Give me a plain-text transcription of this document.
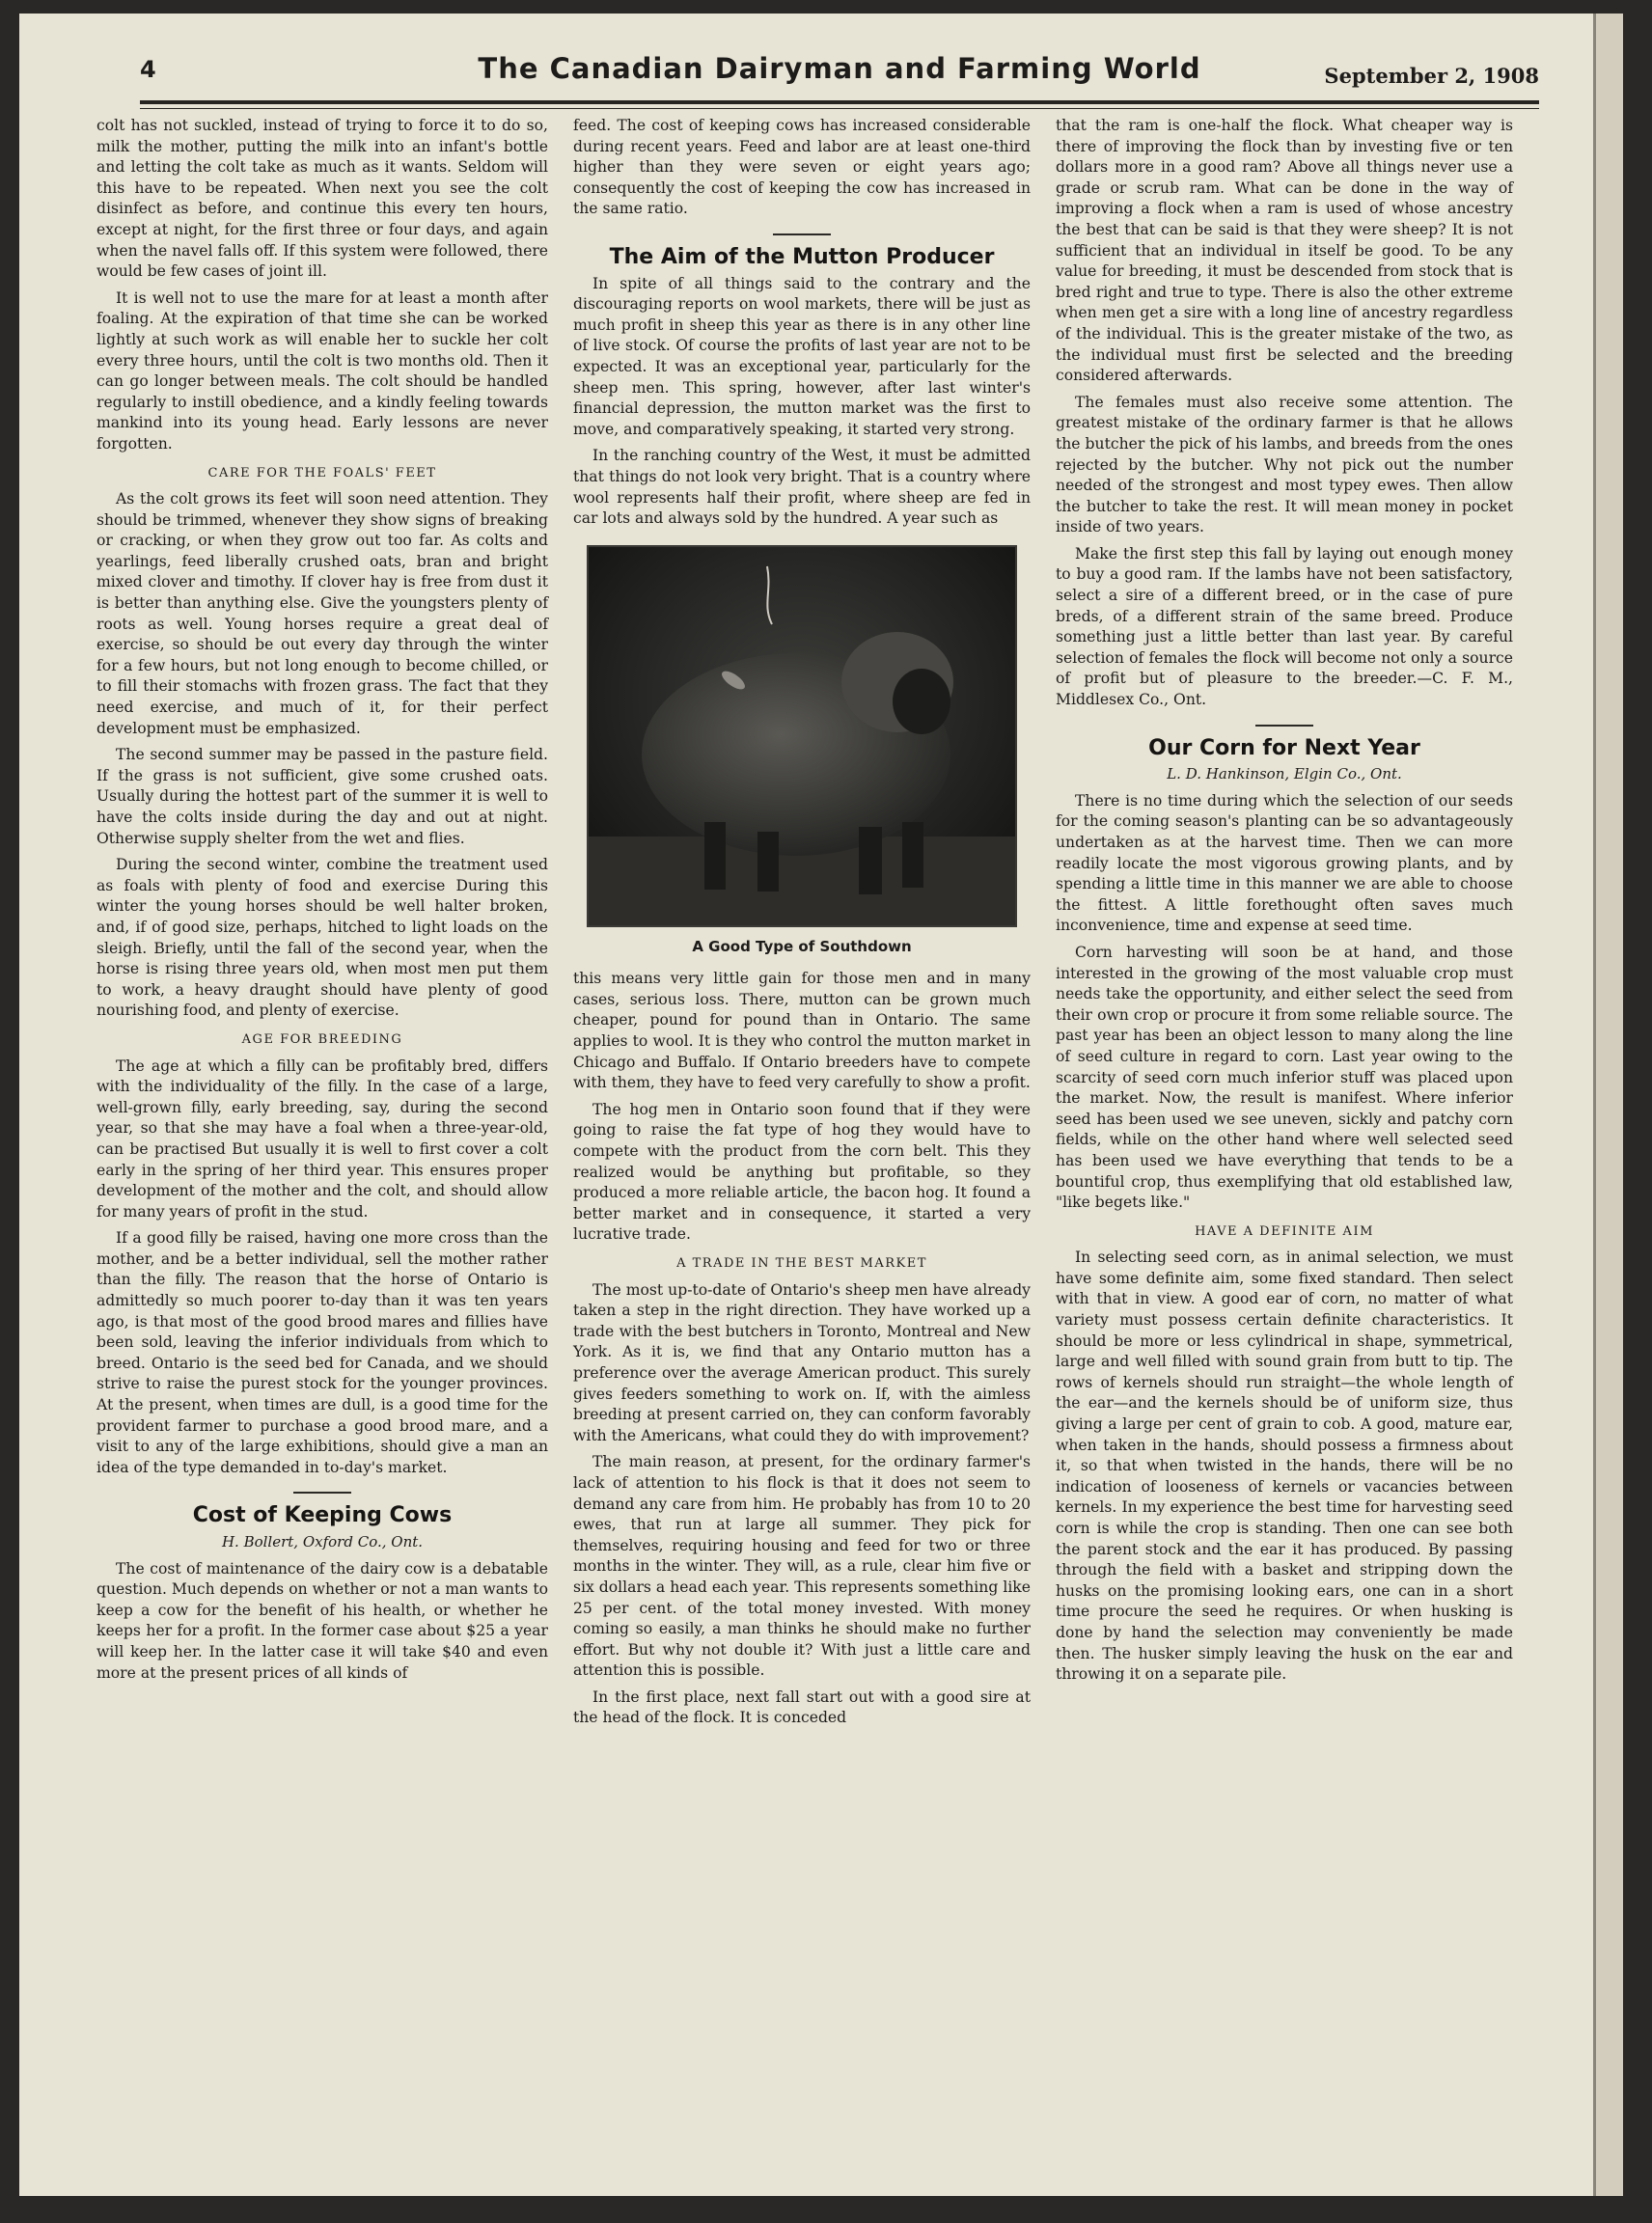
4	The Canadian Dairyman and Farming World	September 2, 1908

colt has not suckled, instead of trying to force it to do so, milk the mother, putting the milk into an infant's bottle and letting the colt take as much as it wants. Seldom will this have to be repeated. When next you see the colt disinfect as before, and continue this every ten hours, except at night, for the first three or four days, and again when the navel falls off. If this system were followed, there would be few cases of joint ill.

It is well not to use the mare for at least a month after foaling. At the expiration of that time she can be worked lightly at such work as will enable her to suckle her colt every three hours, until the colt is two months old. Then it can go longer between meals. The colt should be handled regularly to instill obedience, and a kindly feeling towards mankind into its young head. Early lessons are never forgotten.

CARE FOR THE FOALS' FEET

As the colt grows its feet will soon need attention. They should be trimmed, whenever they show signs of breaking or cracking, or when they grow out too far. As colts and yearlings, feed liberally crushed oats, bran and bright mixed clover and timothy. If clover hay is free from dust it is better than anything else. Give the youngsters plenty of roots as well. Young horses require a great deal of exercise, so should be out every day through the winter for a few hours, but not long enough to become chilled, or to fill their stomachs with frozen grass. The fact that they need exercise, and much of it, for their perfect development must be emphasized.

The second summer may be passed in the pasture field. If the grass is not sufficient, give some crushed oats. Usually during the hottest part of the summer it is well to have the colts inside during the day and out at night. Otherwise supply shelter from the wet and flies.

During the second winter, combine the treatment used as foals with plenty of food and exercise During this winter the young horses should be well halter broken, and, if of good size, perhaps, hitched to light loads on the sleigh. Briefly, until the fall of the second year, when the horse is rising three years old, when most men put them to work, a heavy draught should have plenty of good nourishing food, and plenty of exercise.

AGE FOR BREEDING

The age at which a filly can be profitably bred, differs with the individuality of the filly. In the case of a large, well-grown filly, early breeding, say, during the second year, so that she may have a foal when a three-year-old, can be practised But usually it is well to first cover a colt early in the spring of her third year. This ensures proper development of the mother and the colt, and should allow for many years of profit in the stud.

If a good filly be raised, having one more cross than the mother, and be a better individual, sell the mother rather than the filly. The reason that the horse of Ontario is admittedly so much poorer to-day than it was ten years ago, is that most of the good brood mares and fillies have been sold, leaving the inferior individuals from which to breed. Ontario is the seed bed for Canada, and we should strive to raise the purest stock for the younger provinces. At the present, when times are dull, is a good time for the provident farmer to purchase a good brood mare, and a visit to any of the large exhibitions, should give a man an idea of the type demanded in to-day's market.

Cost of Keeping Cows
H. Bollert, Oxford Co., Ont.

The cost of maintenance of the dairy cow is a debatable question. Much depends on whether or not a man wants to keep a cow for the benefit of his health, or whether he keeps her for a profit. In the former case about $25 a year will keep her. In the latter case it will take $40 and even more at the present prices of all kinds of

feed. The cost of keeping cows has increased considerable during recent years. Feed and labor are at least one-third higher than they were seven or eight years ago; consequently the cost of keeping the cow has increased in the same ratio.

The Aim of the Mutton Producer

In spite of all things said to the contrary and the discouraging reports on wool markets, there will be just as much profit in sheep this year as there is in any other line of live stock. Of course the profits of last year are not to be expected. It was an exceptional year, particularly for the sheep men. This spring, however, after last winter's financial depression, the mutton market was the first to move, and comparatively speaking, it started very strong.

In the ranching country of the West, it must be admitted that things do not look very bright. That is a country where wool represents half their profit, where sheep are fed in car lots and always sold by the hundred. A year such as

A Good Type of Southdown

this means very little gain for those men and in many cases, serious loss. There, mutton can be grown much cheaper, pound for pound than in Ontario. The same applies to wool. It is they who control the mutton market in Chicago and Buffalo. If Ontario breeders have to compete with them, they have to feed very carefully to show a profit.

The hog men in Ontario soon found that if they were going to raise the fat type of hog they would have to compete with the product from the corn belt. This they realized would be anything but profitable, so they produced a more reliable article, the bacon hog. It found a better market and in consequence, it started a very lucrative trade.

A TRADE IN THE BEST MARKET

The most up-to-date of Ontario's sheep men have already taken a step in the right direction. They have worked up a trade with the best butchers in Toronto, Montreal and New York. As it is, we find that any Ontario mutton has a preference over the average American product. This surely gives feeders something to work on. If, with the aimless breeding at present carried on, they can conform favorably with the Americans, what could they do with improvement?

The main reason, at present, for the ordinary farmer's lack of attention to his flock is that it does not seem to demand any care from him. He probably has from 10 to 20 ewes, that run at large all summer. They pick for themselves, requiring housing and feed for two or three months in the winter. They will, as a rule, clear him five or six dollars a head each year. This represents something like 25 per cent. of the total money invested. With money coming so easily, a man thinks he should make no further effort. But why not double it? With just a little care and attention this is possible.

In the first place, next fall start out with a good sire at the head of the flock. It is conceded

that the ram is one-half the flock. What cheaper way is there of improving the flock than by investing five or ten dollars more in a good ram? Above all things never use a grade or scrub ram. What can be done in the way of improving a flock when a ram is used of whose ancestry the best that can be said is that they were sheep? It is not sufficient that an individual in itself be good. To be any value for breeding, it must be descended from stock that is bred right and true to type. There is also the other extreme when men get a sire with a long line of ancestry regardless of the individual. This is the greater mistake of the two, as the individual must first be selected and the breeding considered afterwards.

The females must also receive some attention. The greatest mistake of the ordinary farmer is that he allows the butcher the pick of his lambs, and breeds from the ones rejected by the butcher. Why not pick out the number needed of the strongest and most typey ewes. Then allow the butcher to take the rest. It will mean money in pocket inside of two years.

Make the first step this fall by laying out enough money to buy a good ram. If the lambs have not been satisfactory, select a sire of a different breed, or in the case of pure breds, of a different strain of the same breed. Produce something just a little better than last year. By careful selection of females the flock will become not only a source of profit but of pleasure to the breeder.—C. F. M., Middlesex Co., Ont.

Our Corn for Next Year
L. D. Hankinson, Elgin Co., Ont.

There is no time during which the selection of our seeds for the coming season's planting can be so advantageously undertaken as at the harvest time. Then we can more readily locate the most vigorous growing plants, and by spending a little time in this manner we are able to choose the fittest. A little forethought often saves much inconvenience, time and expense at seed time.

Corn harvesting will soon be at hand, and those interested in the growing of the most valuable crop must needs take the opportunity, and either select the seed from their own crop or procure it from some reliable source. The past year has been an object lesson to many along the line of seed culture in regard to corn. Last year owing to the scarcity of seed corn much inferior stuff was placed upon the market. Now, the result is manifest. Where inferior seed has been used we see uneven, sickly and patchy corn fields, while on the other hand where well selected seed has been used we have everything that tends to be a bountiful crop, thus exemplifying that old established law, "like begets like."

HAVE A DEFINITE AIM

In selecting seed corn, as in animal selection, we must have some definite aim, some fixed standard. Then select with that in view. A good ear of corn, no matter of what variety must possess certain definite characteristics. It should be more or less cylindrical in shape, symmetrical, large and well filled with sound grain from butt to tip. The rows of kernels should run straight—the whole length of the ear—and the kernels should be of uniform size, thus giving a large per cent of grain to cob. A good, mature ear, when taken in the hands, should possess a firmness about it, so that when twisted in the hands, there will be no indication of looseness of kernels or vacancies between kernels. In my experience the best time for harvesting seed corn is while the crop is standing. Then one can see both the parent stock and the ear it has produced. By passing through the field with a basket and stripping down the husks on the promising looking ears, one can in a short time procure the seed he requires. Or when husking is done by hand the selection may conveniently be made then. The husker simply leaving the husk on the ear and throwing it on a separate pile.
